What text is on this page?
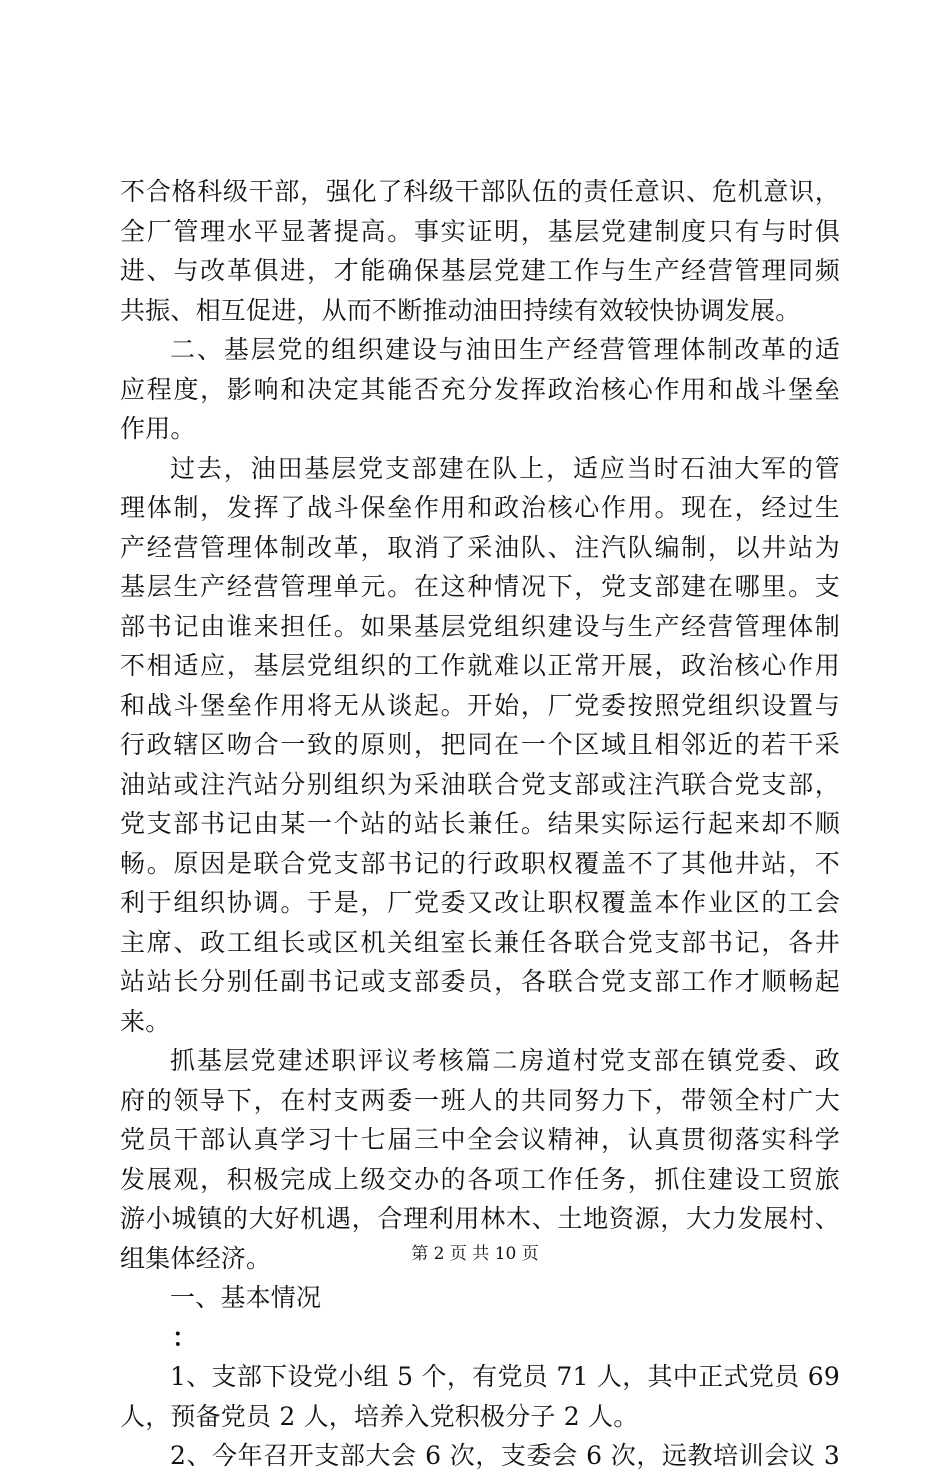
不合格科级干部，强化了科级干部队伍的责任意识、危机意识，
全厂管理水平显著提高。事实证明，基层党建制度只有与时俱
进、与改革俱进，才能确保基层党建工作与生产经营管理同频
共振、相互促进，从而不断推动油田持续有效较快协调发展。
二、基层党的组织建设与油田生产经营管理体制改革的适
应程度，影响和决定其能否充分发挥政治核心作用和战斗堡垒
作用。
过去，油田基层党支部建在队上，适应当时石油大军的管
理体制，发挥了战斗保垒作用和政治核心作用。现在，经过生
产经营管理体制改革，取消了采油队、注汽队编制，以井站为
基层生产经营管理单元。在这种情况下，党支部建在哪里。支
部书记由谁来担任。如果基层党组织建设与生产经营管理体制
不相适应，基层党组织的工作就难以正常开展，政治核心作用
和战斗堡垒作用将无从谈起。开始，厂党委按照党组织设置与
行政辖区吻合一致的原则，把同在一个区域且相邻近的若干采
油站或注汽站分别组织为采油联合党支部或注汽联合党支部，
党支部书记由某一个站的站长兼任。结果实际运行起来却不顺
畅。原因是联合党支部书记的行政职权覆盖不了其他井站，不
利于组织协调。于是，厂党委又改让职权覆盖本作业区的工会
主席、政工组长或区机关组室长兼任各联合党支部书记，各井
站站长分别任副书记或支部委员，各联合党支部工作才顺畅起
来。
抓基层党建述职评议考核篇二房道村党支部在镇党委、政
府的领导下，在村支两委一班人的共同努力下，带领全村广大
党员干部认真学习十七届三中全会议精神，认真贯彻落实科学
发展观，积极完成上级交办的各项工作任务，抓住建设工贸旅
游小城镇的大好机遇，合理利用林木、土地资源，大力发展村、
组集体经济。
一、基本情况
：
1、支部下设党小组 5 个，有党员 71 人，其中正式党员 69
人，预备党员 2 人，培养入党积极分子 2 人。
2、今年召开支部大会 6 次，支委会 6 次，远教培训会议 3
第 2 页 共 10 页
